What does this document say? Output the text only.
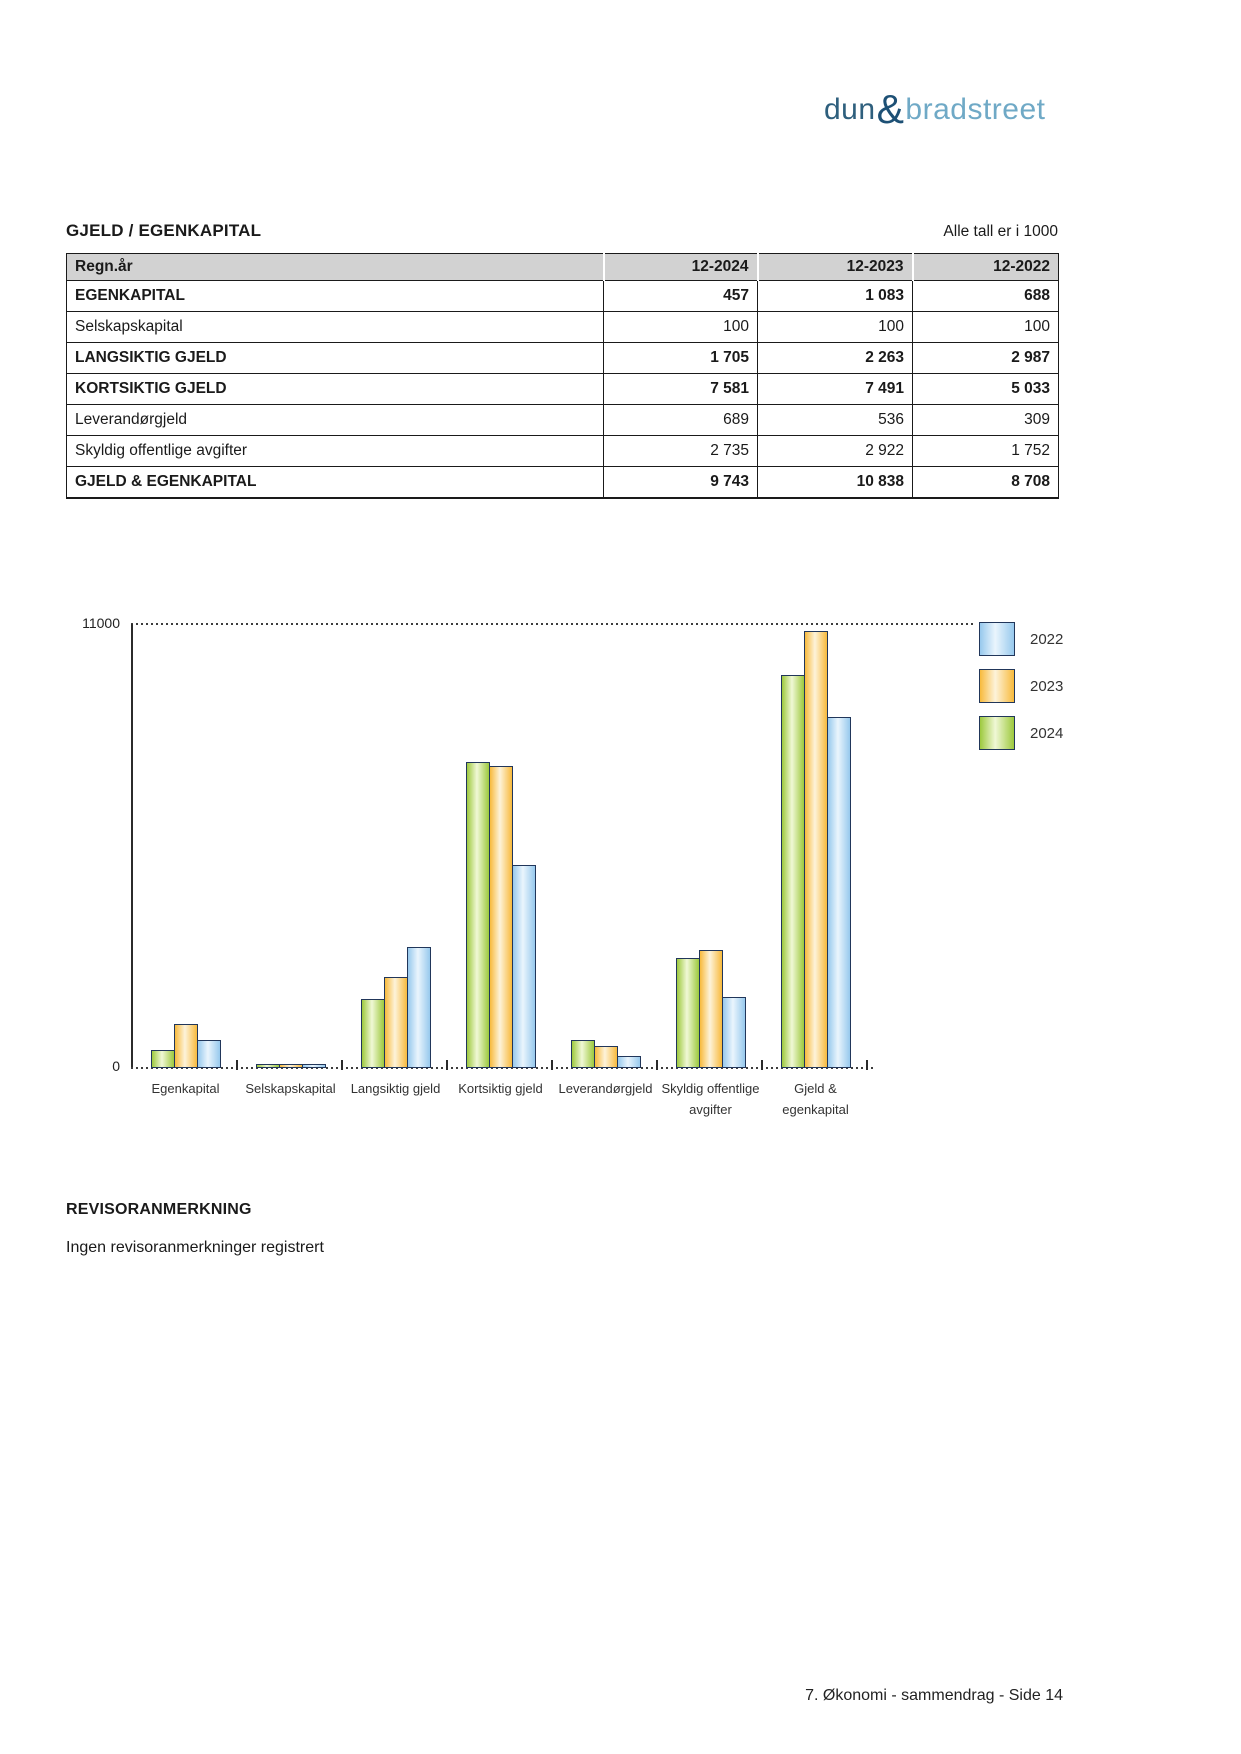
dun & bradstreet
GJELD / EGENKAPITAL	Alle tall er i 1000
Regn.år	12-2024	12-2023	12-2022
EGENKAPITAL	457	1 083	688
Selskapskapital	100	100	100
LANGSIKTIG GJELD	1 705	2 263	2 987
KORTSIKTIG GJELD	7 581	7 491	5 033
Leverandørgjeld	689	536	309
Skyldig offentlige avgifter	2 735	2 922	1 752
GJELD & EGENKAPITAL	9 743	10 838	8 708
11000
0
Egenkapital	Selskapskapital	Langsiktig gjeld	Kortsiktig gjeld	Leverandørgjeld Skyldig offentlige
avgifter
Gjeld &
egenkapital
2022
2023
2024
REVISORANMERKNING
Ingen revisoranmerkninger registrert
7. Økonomi - sammendrag - Side 14
